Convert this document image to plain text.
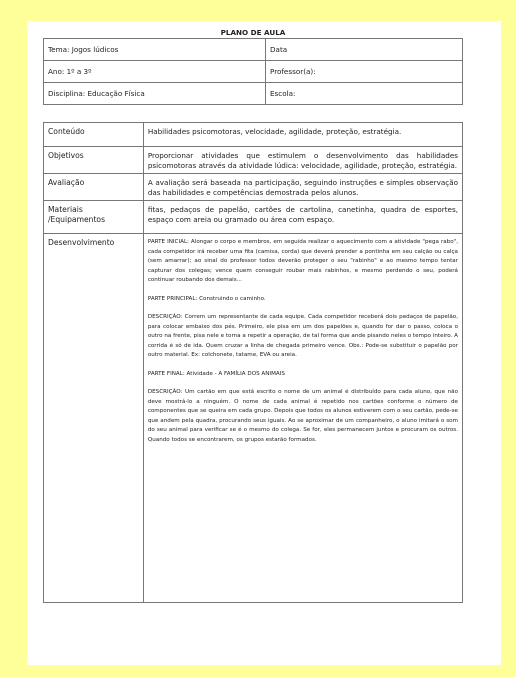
PLANO DE AULA	
Tema: Jogos lúdicos	Data
Ano: 1º a 3º	Professor(a):
Disciplina: Educação Física	Escola:
Conteúdo	Habilidades psicomotoras, velocidade, agilidade, proteção, estratégia.
Objetivos	Proporcionar atividades que estimulem o desenvolvimento das habilidades psicomotoras através da atividade lúdica: velocidade, agilidade, proteção, estratégia.
Avaliação	A avaliação será baseada na participação, seguindo instruções e simples observação das habilidades e competências demostrada pelos alunos.
Materiais /Equipamentos	fitas, pedaços de papelão, cartões de cartolina, canetinha, quadra de esportes, espaço com areia ou gramado ou área com espaço.
Desenvolvimento	PARTE INICIAL: Alongar o corpo e membros, em seguida realizar o aquecimento com a atividade "pega rabo", cada competidor irá receber uma fita (camisa, corda) que deverá prender a pontinha em seu calção ou calça (sem amarrar); ao sinal do professor todos deverão proteger o seu "rabinho" e ao mesmo tempo tentar capturar dos colegas; vence quem conseguir roubar mais rabinhos, e mesmo perdendo o seu, poderá continuar roubando dos demais...

PARTE PRINCIPAL: Construindo o caminho.

DESCRIÇÃO: Correm um representante de cada equipe. Cada competidor receberá dois pedaços de papelão, para colocar embaixo dos pés. Primeiro, ele pisa em um dos papelões e, quando for dar o passo, coloca o outro na frente, pisa nele e torna a repetir a operação, de tal forma que ande pisando neles o tempo inteiro. A corrida é só de ida. Quem cruzar a linha de chegada primeiro vence. Obs.: Pode-se substituir o papelão por outro material. Ex: colchonete, tatame, EVA ou areia.

PARTE FINAL: Atividade - A FAMÍLIA DOS ANIMAIS

DESCRIÇÃO: Um cartão em que está escrito o nome de um animal é distribuído para cada aluno, que não deve mostrá-lo a ninguém. O nome de cada animal é repetido nos cartões conforme o número de componentes que se queira em cada grupo. Depois que todos os alunos estiverem com o seu cartão, pede-se que andem pela quadra, procurando seus iguais. Ao se aproximar de um companheiro, o aluno imitará o som do seu animal para verificar se é o mesmo do colega. Se for, eles permanecem juntos e procuram os outros. Quando todos se encontrarem, os grupos estarão formados.
